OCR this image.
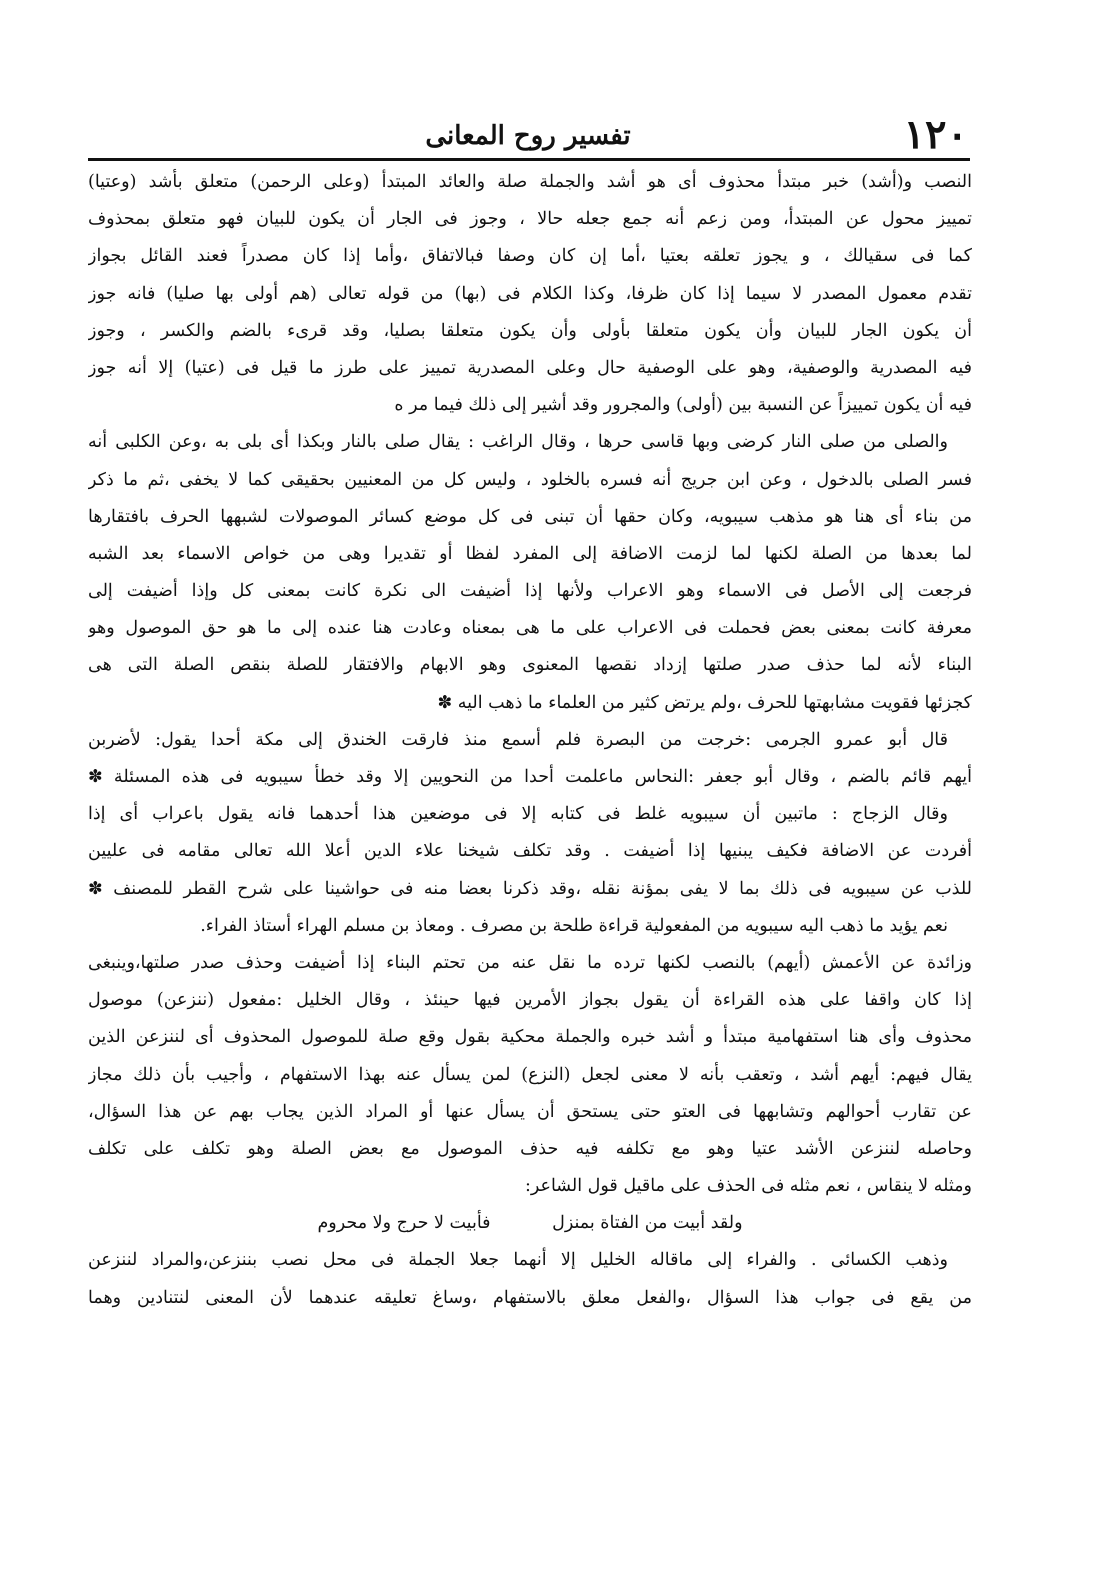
١٢٠
تفسير روح المعانى
النصب و(أشد) خبر مبتدأ محذوف أى هو أشد والجملة صلة والعائد المبتدأ (وعلى الرحمن) متعلق بأشد (وعتيا)
تمييز محول عن المبتدأ، ومن زعم أنه جمع جعله حالا ، وجوز فى الجار أن يكون للبيان فهو متعلق بمحذوف
كما فى سقيالك ، و يجوز تعلقه بعتيا ،أما إن كان وصفا فبالاتفاق ،وأما إذا كان مصدراً فعند القائل بجواز
تقدم معمول المصدر لا سيما إذا كان ظرفا، وكذا الكلام فى (بها) من قوله تعالى (هم أولى بها صليا) فانه جوز
أن يكون الجار للبيان وأن يكون متعلقا بأولى وأن يكون متعلقا بصليا، وقد قرىء بالضم والكسر ، وجوز
فيه المصدرية والوصفية، وهو على الوصفية حال وعلى المصدرية تمييز على طرز ما قيل فى (عتيا) إلا أنه جوز
فيه أن يكون تمييزاً عن النسبة بين (أولى) والمجرور وقد أشير إلى ذلك فيما مر ه
والصلى من صلى النار كرضى وبها قاسى حرها ، وقال الراغب : يقال صلى بالنار وبكذا أى بلى به ،وعن الكلبى أنه
فسر الصلى بالدخول ، وعن ابن جريج أنه فسره بالخلود ، وليس كل من المعنيين بحقيقى كما لا يخفى ،ثم ما ذكر
من بناء أى هنا هو مذهب سيبويه، وكان حقها أن تبنى فى كل موضع كسائر الموصولات لشبهها الحرف بافتقارها
لما بعدها من الصلة لكنها لما لزمت الاضافة إلى المفرد لفظا أو تقديرا وهى من خواص الاسماء بعد الشبه
فرجعت إلى الأصل فى الاسماء وهو الاعراب ولأنها إذا أضيفت الى نكرة كانت بمعنى كل وإذا أضيفت إلى
معرفة كانت بمعنى بعض فحملت فى الاعراب على ما هى بمعناه وعادت هنا عنده إلى ما هو حق الموصول وهو
البناء لأنه لما حذف صدر صلتها إزداد نقصها المعنوى وهو الابهام والافتقار للصلة بنقص الصلة التى هى
كجزئها فقويت مشابهتها للحرف ،ولم يرتض كثير من العلماء ما ذهب اليه ✽
قال أبو عمرو الجرمى :خرجت من البصرة فلم أسمع منذ فارقت الخندق إلى مكة أحدا يقول: لأضربن
أيهم قائم بالضم ، وقال أبو جعفر :النحاس ماعلمت أحدا من النحويين إلا وقد خطأ سيبويه فى هذه المسئلة ✽
وقال الزجاج : ماتبين أن سيبويه غلط فى كتابه إلا فى موضعين هذا أحدهما فانه يقول باعراب أى إذا
أفردت عن الاضافة فكيف يبنيها إذا أضيفت . وقد تكلف شيخنا علاء الدين أعلا الله تعالى مقامه فى عليين
للذب عن سيبويه فى ذلك بما لا يفى بمؤنة نقله ،وقد ذكرنا بعضا منه فى حواشينا على شرح القطر للمصنف ✽
نعم يؤيد ما ذهب اليه سيبويه من المفعولية قراءة طلحة بن مصرف . ومعاذ بن مسلم الهراء أستاذ الفراء.
وزائدة عن الأعمش (أيهم) بالنصب لكنها ترده ما نقل عنه من تحتم البناء إذا أضيفت وحذف صدر صلتها،وينبغى
إذا كان واقفا على هذه القراءة أن يقول بجواز الأمرين فيها حينئذ ، وقال الخليل :مفعول (ننزعن) موصول
محذوف وأى هنا استفهامية مبتدأ و أشد خبره والجملة محكية بقول وقع صلة للموصول المحذوف أى لننزعن الذين
يقال فيهم: أيهم أشد ، وتعقب بأنه لا معنى لجعل (النزع) لمن يسأل عنه بهذا الاستفهام ، وأجيب بأن ذلك مجاز
عن تقارب أحوالهم وتشابهها فى العتو حتى يستحق أن يسأل عنها أو المراد الذين يجاب بهم عن هذا السؤال،
وحاصله لننزعن الأشد عتيا وهو مع تكلفه فيه حذف الموصول مع بعض الصلة وهو تكلف على تكلف
ومثله لا ينقاس ، نعم مثله فى الحذف على ماقيل قول الشاعر:
ولقد أبيت من الفتاة بمنزل فأبيت لا حرج ولا محروم
وذهب الكسائى . والفراء إلى ماقاله الخليل إلا أنهما جعلا الجملة فى محل نصب بننزعن،والمراد لننزعن
من يقع فى جواب هذا السؤال ،والفعل معلق بالاستفهام ،وساغ تعليقه عندهما لأن المعنى لنتنادين وهما
